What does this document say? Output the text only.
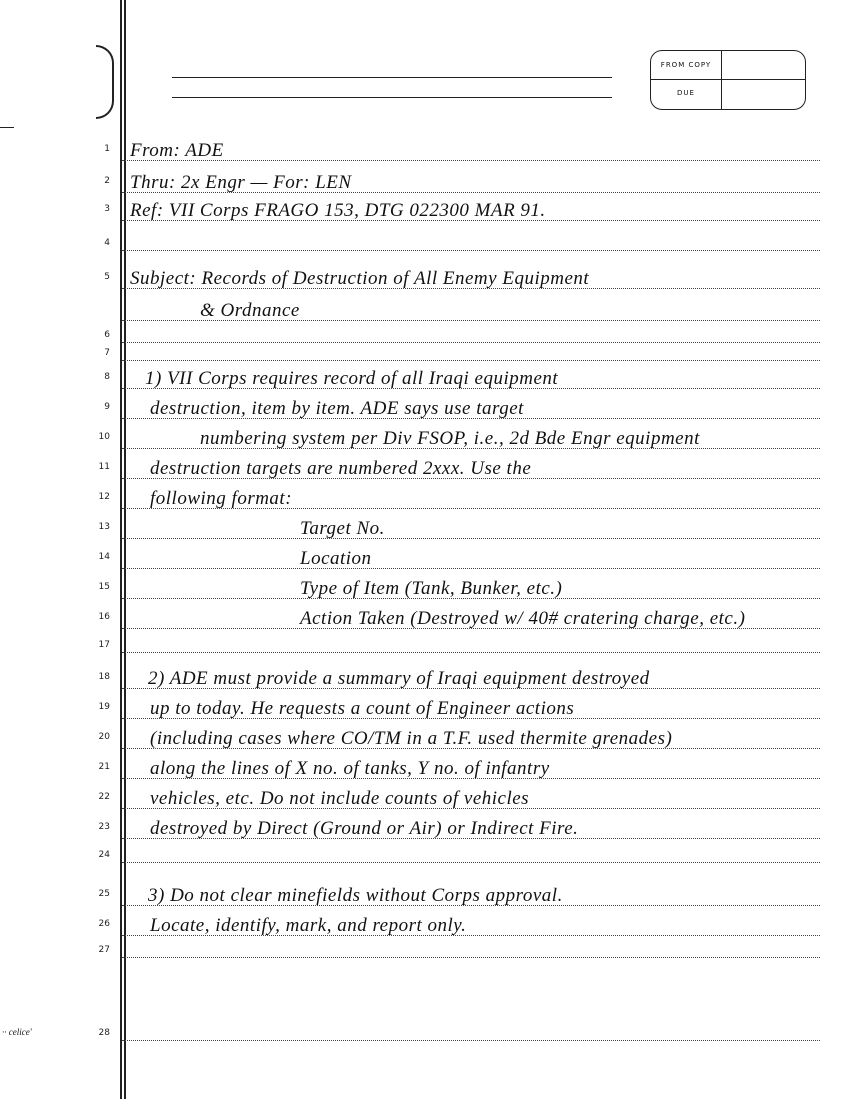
FROM COPY
DUE
1 From: ADE
2 Thru: 2x Engr — For: LEN
3 Ref: VII Corps FRAGO 153, DTG 022300 MAR 91.
5 Subject: Records of Destruction of All Enemy Equipment
& Ordnance
8 1) VII Corps requires record of all Iraqi equipment
9 destruction, item by item. ADE says use target
10	numbering system per Div FSOP, i.e., 2d Bde Engr equipment
11 destruction targets are numbered 2xxx. Use the
12 following format:
13	Target No.
14	Location
15	Type of Item (Tank, Bunker, etc.)
16	Action Taken (Destroyed w/ 40# cratering charge, etc.)
18 2) ADE must provide a summary of Iraqi equipment destroyed
19 up to today. He requests a count of Engineer actions
20 (including cases where CO/TM in a T.F. used thermite grenades)
21 along the lines of X no. of tanks, Y no. of infantry
22 vehicles, etc. Do not include counts of vehicles
23 destroyed by Direct (Ground or Air) or Indirect Fire.
25 3) Do not clear minefields without Corps approval.
26 Locate, identify, mark, and report only.
4
6
7
17
24
27
28
·· celice'
